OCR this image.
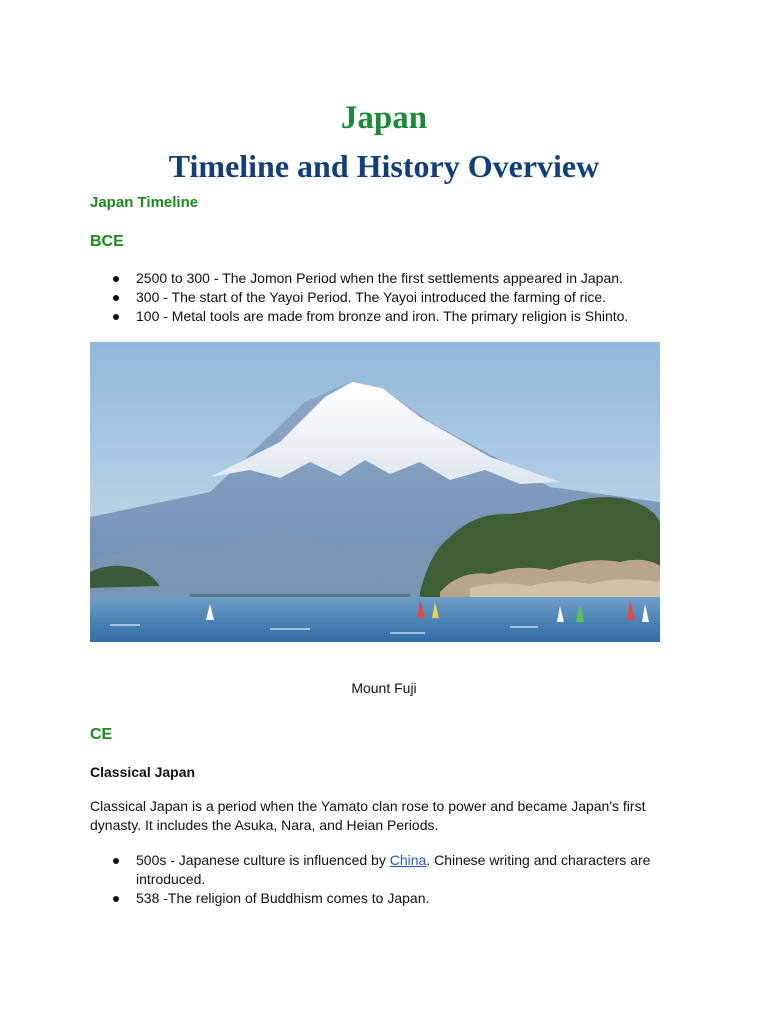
Japan
Timeline and History Overview
Japan Timeline
BCE
2500 to 300 - The Jomon Period when the first settlements appeared in Japan.
300 - The start of the Yayoi Period. The Yayoi introduced the farming of rice.
100 - Metal tools are made from bronze and iron. The primary religion is Shinto.
Mount Fuji
CE
Classical Japan
Classical Japan is a period when the Yamato clan rose to power and became Japan's first dynasty. It includes the Asuka, Nara, and Heian Periods.
500s - Japanese culture is influenced by China. Chinese writing and characters are introduced.
538 -The religion of Buddhism comes to Japan.
